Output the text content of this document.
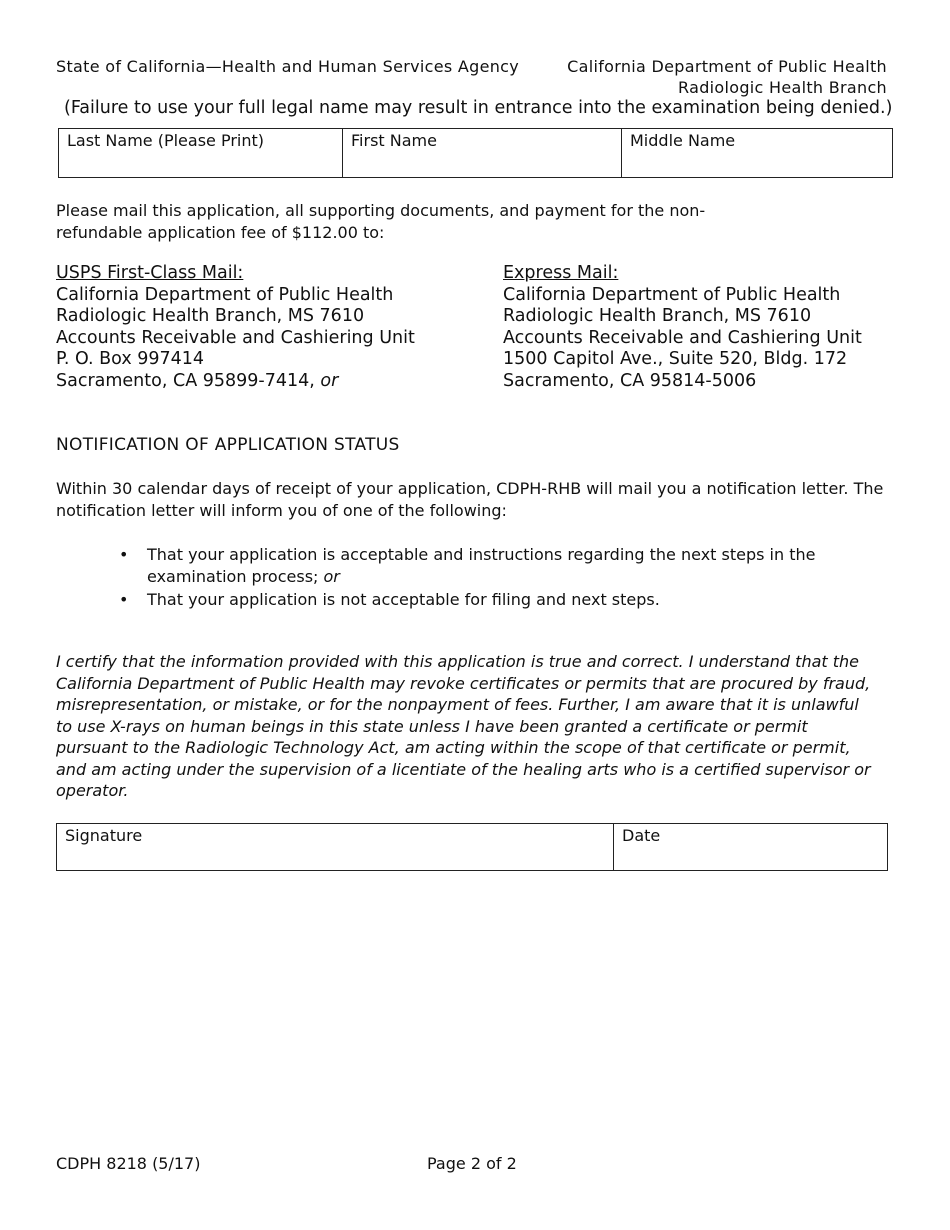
State of California—Health and Human Services Agency	California Department of Public Health
Radiologic Health Branch
(Failure to use your full legal name may result in entrance into the examination being denied.)
Last Name (Please Print)	First Name	Middle Name
Please mail this application, all supporting documents, and payment for the non-
refundable application fee of $112.00 to:
USPS First-Class Mail:
California Department of Public Health
Radiologic Health Branch, MS 7610
Accounts Receivable and Cashiering Unit
P. O. Box 997414
Sacramento, CA 95899-7414, or
Express Mail:
California Department of Public Health
Radiologic Health Branch, MS 7610
Accounts Receivable and Cashiering Unit
1500 Capitol Ave., Suite 520, Bldg. 172
Sacramento, CA 95814-5006
NOTIFICATION OF APPLICATION STATUS
Within 30 calendar days of receipt of your application, CDPH-RHB will mail you a notification letter. The
notification letter will inform you of one of the following:
• That your application is acceptable and instructions regarding the next steps in the
examination process; or
• That your application is not acceptable for filing and next steps.
I certify that the information provided with this application is true and correct. I understand that the
California Department of Public Health may revoke certificates or permits that are procured by fraud,
misrepresentation, or mistake, or for the nonpayment of fees. Further, I am aware that it is unlawful
to use X-rays on human beings in this state unless I have been granted a certificate or permit
pursuant to the Radiologic Technology Act, am acting within the scope of that certificate or permit,
and am acting under the supervision of a licentiate of the healing arts who is a certified supervisor or
operator.
Signature	Date
CDPH 8218 (5/17)	Page 2 of 2
